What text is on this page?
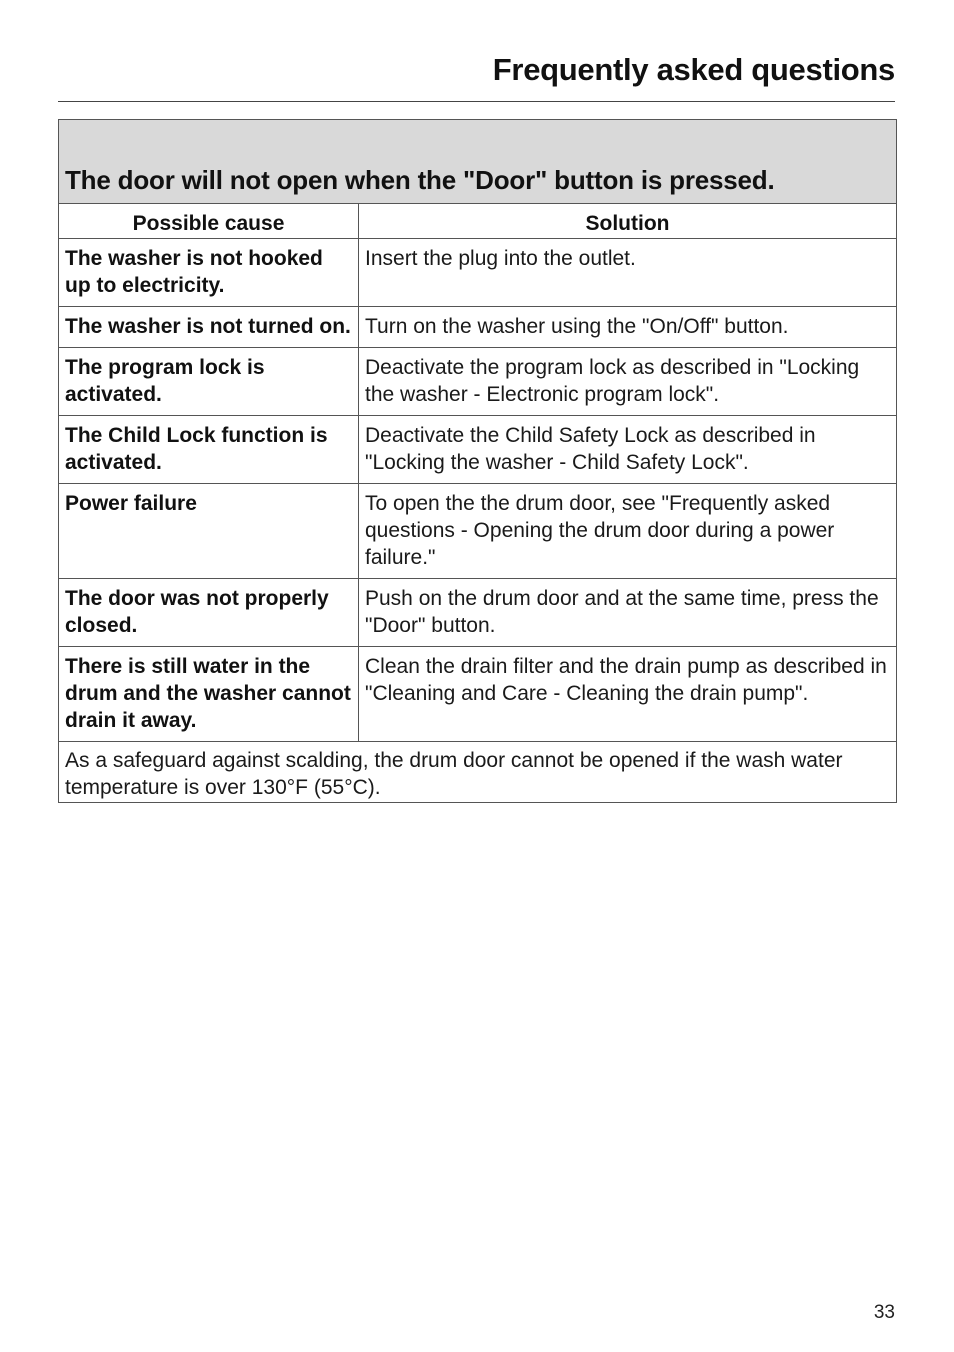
Frequently asked questions
The door will not open when the "Door" button is pressed.	
Possible cause	Solution
The washer is not hooked up to electricity.	Insert the plug into the outlet.
The washer is not turned on.	Turn on the washer using the "On/Off" button.
The program lock is activated.	Deactivate the program lock as described in "Locking the washer - Electronic program lock".
The Child Lock function is activated.	Deactivate the Child Safety Lock as described in "Locking the washer - Child Safety Lock".
Power failure	To open the the drum door, see "Frequently asked questions - Opening the drum door during a power failure."
The door was not properly closed.	Push on the drum door and at the same time, press the "Door" button.
There is still water in the drum and the washer cannot drain it away.	Clean the drain filter and the drain pump as described in "Cleaning and Care - Cleaning the drain pump".
As a safeguard against scalding, the drum door cannot be opened if the wash water temperature is over 130°F (55°C).	
33
